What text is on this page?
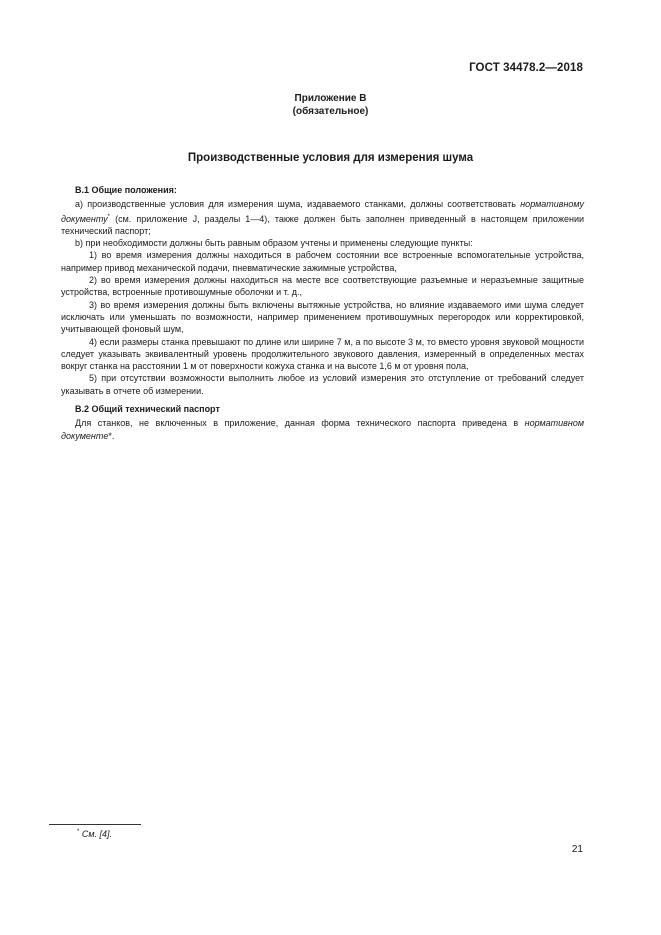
ГОСТ 34478.2—2018
Приложение В
(обязательное)
Производственные условия для измерения шума

В.1 Общие положения:

а) производственные условия для измерения шума, издаваемого станками, должны соответствовать нормативному документу* (см. приложение J, разделы 1—4), также должен быть заполнен приведенный в настоящем приложении технический паспорт;

b) при необходимости должны быть равным образом учтены и применены следующие пункты:

1) во время измерения должны находиться в рабочем состоянии все встроенные вспомогательные устройства, например привод механической подачи, пневматические зажимные устройства,

2) во время измерения должны находиться на месте все соответствующие разъемные и неразъемные защитные устройства, встроенные противошумные оболочки и т. д.,

3) во время измерения должны быть включены вытяжные устройства, но влияние издаваемого ими шума следует исключать или уменьшать по возможности, например применением противошумных перегородок или корректировкой, учитывающей фоновый шум,

4) если размеры станка превышают по длине или ширине 7 м, а по высоте 3 м, то вместо уровня звуковой мощности следует указывать эквивалентный уровень продолжительного звукового давления, измеренный в определенных местах вокруг станка на расстоянии 1 м от поверхности кожуха станка и на высоте 1,6 м от уровня пола,

5) при отсутствии возможности выполнить любое из условий измерения это отступление от требований следует указывать в отчете об измерении.

В.2 Общий технический паспорт

Для станков, не включенных в приложение, данная форма технического паспорта приведена в нормативном документе*.

* См. [4].
21
